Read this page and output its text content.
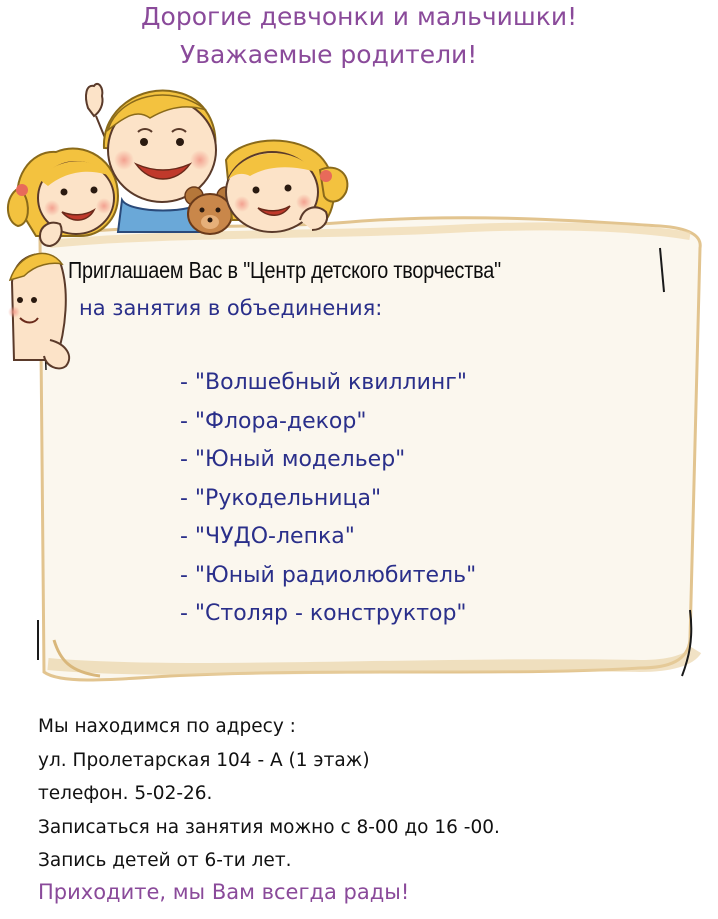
Дорогие девчонки и мальчишки!
Уважаемые родители!

Приглашаем Вас в "Центр детского творчества"

на занятия в объединения:

- "Волшебный квиллинг"
- "Флора-декор"
- "Юный модельер"
- "Рукодельница"
- "ЧУДО-лепка"
- "Юный радиолюбитель"
- "Столяр - конструктор"
Мы находимся по адресу :
ул. Пролетарская 104 - А (1 этаж)
телефон. 5-02-26.
Записаться на занятия можно с 8-00 до 16 -00.
Запись детей от 6-ти лет.

Приходите, мы Вам всегда рады!
